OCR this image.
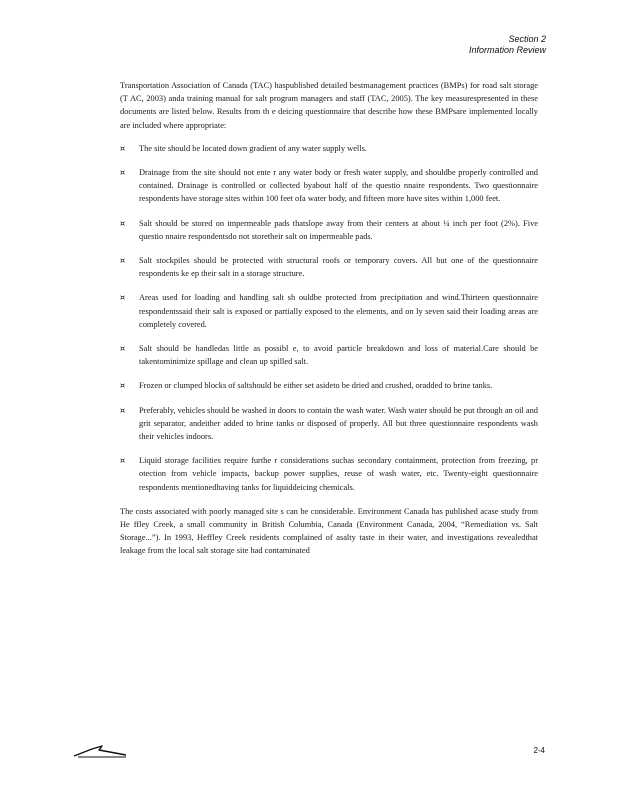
Section 2
Information Review

Transportation Association of Canada (TAC) haspublished detailed bestmanagement practices (BMPs) for road salt storage (T AC, 2003) anda training manual for salt program managers and staff (TAC, 2005). The key measurespresented in these documents are listed below. Results from th e deicing questionnaire that describe how these BMPsare implemented locally are included where appropriate:

¤ The site should be located down gradient of any water supply wells.
¤ Drainage from the site should not ente r any water body or fresh water supply, and shouldbe properly controlled and contained. Drainage is controlled or collected byabout half of the questio nnaire respondents. Two questionnaire respondents have storage sites within 100 feet ofa water body, and fifteen more have sites within 1,000 feet.
¤ Salt should be stored on impermeable pads thatslope away from their centers at about ¼ inch per foot (2%). Five questio nnaire respondentsdo not storetheir salt on impermeable pads.
¤ Salt stockpiles should be protected with structural roofs or temporary covers. All but one of the questionnaire respondents ke ep their salt in a storage structure.
¤ Areas used for loading and handling salt sh ouldbe protected from precipitation and wind.Thirteen questionnaire respondentssaid their salt is exposed or partially exposed to the elements, and on ly seven said their loading areas are completely covered.
¤ Salt should be handledas little as possibl e, to avoid particle breakdown and loss of material.Care should be takentominimize spillage and clean up spilled salt.
¤ Frozen or clumped blocks of saltshould be either set asideto be dried and crushed, oradded to brine tanks.
¤ Preferably, vehicles should be washed in doors to contain the wash water. Wash water should be put through an oil and grit separator, andeither added to brine tanks or disposed of properly. All but three questionnaire respondents wash their vehicles indoors.
¤ Liquid storage facilities require furthe r considerations suchas secondary containment, protection from freezing, pr otection from vehicle impacts, backup power supplies, reuse of wash water, etc. Twenty-eight questionnaire respondents mentionedhaving tanks for liquiddeicing chemicals.

The costs associated with poorly managed site s can be considerable. Environment Canada has published acase study from He ffley Creek, a small community in British Columbia, Canada (Environment Canada, 2004, “Remediation vs. Salt Storage...”). In 1993, Heffley Creek residents complained of asalty taste in their water, and investigations revealedthat leakage from the local salt storage site had contaminated

2-4
